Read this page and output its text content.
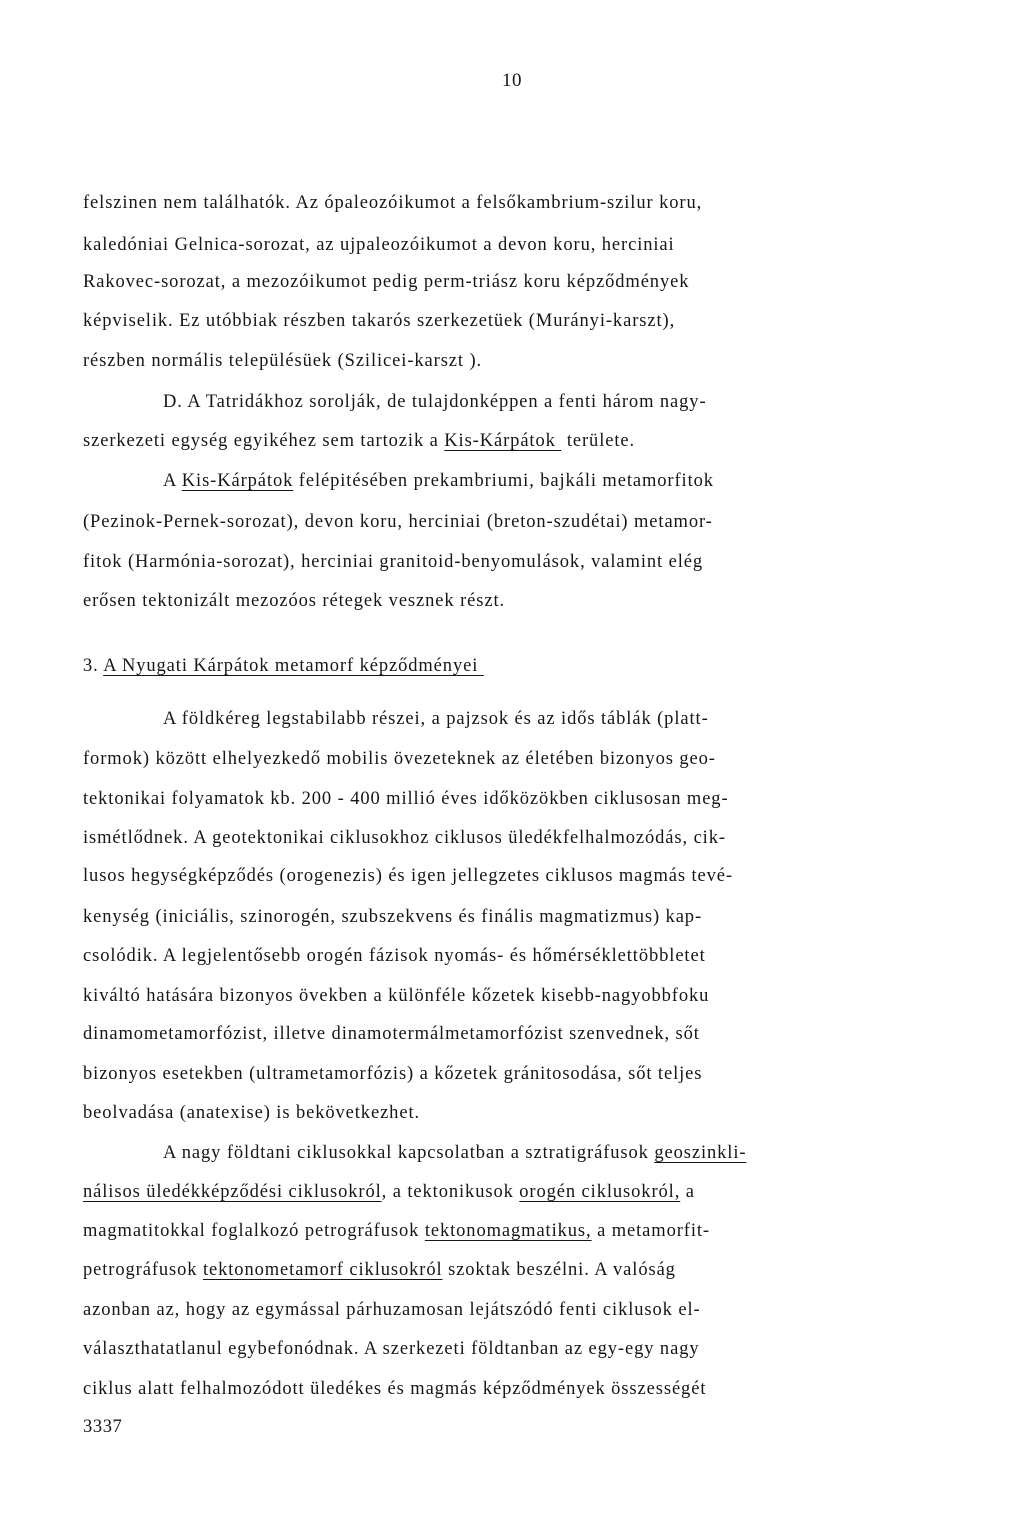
10
felszinen nem találhatók. Az ópaleozóikumot a felsőkambrium-szilur koru,
kaledóniai Gelnica-sorozat, az ujpaleozóikumot a devon koru, herciniai
Rakovec-sorozat, a mezozóikumot pedig perm-triász koru képződmények
képviselik. Ez utóbbiak részben takarós szerkezetüek (Murányi-karszt),
részben normális településüek (Szilicei-karszt ).
D. A Tatridákhoz sorolják, de tulajdonképpen a fenti három nagy-
szerkezeti egység egyikéhez sem tartozik a Kis-Kárpátok  területe.
A Kis-Kárpátok felépitésében prekambriumi, bajkáli metamorfitok
(Pezinok-Pernek-sorozat), devon koru, herciniai (breton-szudétai) metamor-
fitok (Harmónia-sorozat), herciniai granitoid-benyomulások, valamint elég
erősen tektonizált mezozóos rétegek vesznek részt.
3. A Nyugati Kárpátok metamorf képződményei
A földkéreg legstabilabb részei, a pajzsok és az idős táblák (platt-
formok) között elhelyezkedő mobilis övezeteknek az életében bizonyos geo-
tektonikai folyamatok kb. 200 - 400 millió éves időközökben ciklusosan meg-
ismétlődnek. A geotektonikai ciklusokhoz ciklusos üledékfelhalmozódás, cik-
lusos hegységképződés (orogenezis) és igen jellegzetes ciklusos magmás tevé-
kenység (iniciális, szinorogén, szubszekvens és finális magmatizmus) kap-
csolódik. A legjelentősebb orogén fázisok nyomás- és hőmérséklettöbbletet
kiváltó hatására bizonyos övekben a különféle kőzetek kisebb-nagyobbfoku
dinamometamorfózist, illetve dinamotermálmetamorfózist szenvednek, sőt
bizonyos esetekben (ultrametamorfózis) a kőzetek gránitosodása, sőt teljes
beolvadása (anatexise) is bekövetkezhet.
A nagy földtani ciklusokkal kapcsolatban a sztratigráfusok geoszinkli-
nálisos üledékképződési ciklusokról, a tektonikusok orogén ciklusokról, a
magmatitokkal foglalkozó petrográfusok tektonomagmatikus, a metamorfit-
petrográfusok tektonometamorf ciklusokról szoktak beszélni. A valóság
azonban az, hogy az egymással párhuzamosan lejátszódó fenti ciklusok el-
választhatatlanul egybefonódnak. A szerkezeti földtanban az egy-egy nagy
ciklus alatt felhalmozódott üledékes és magmás képződmények összességét
3337
